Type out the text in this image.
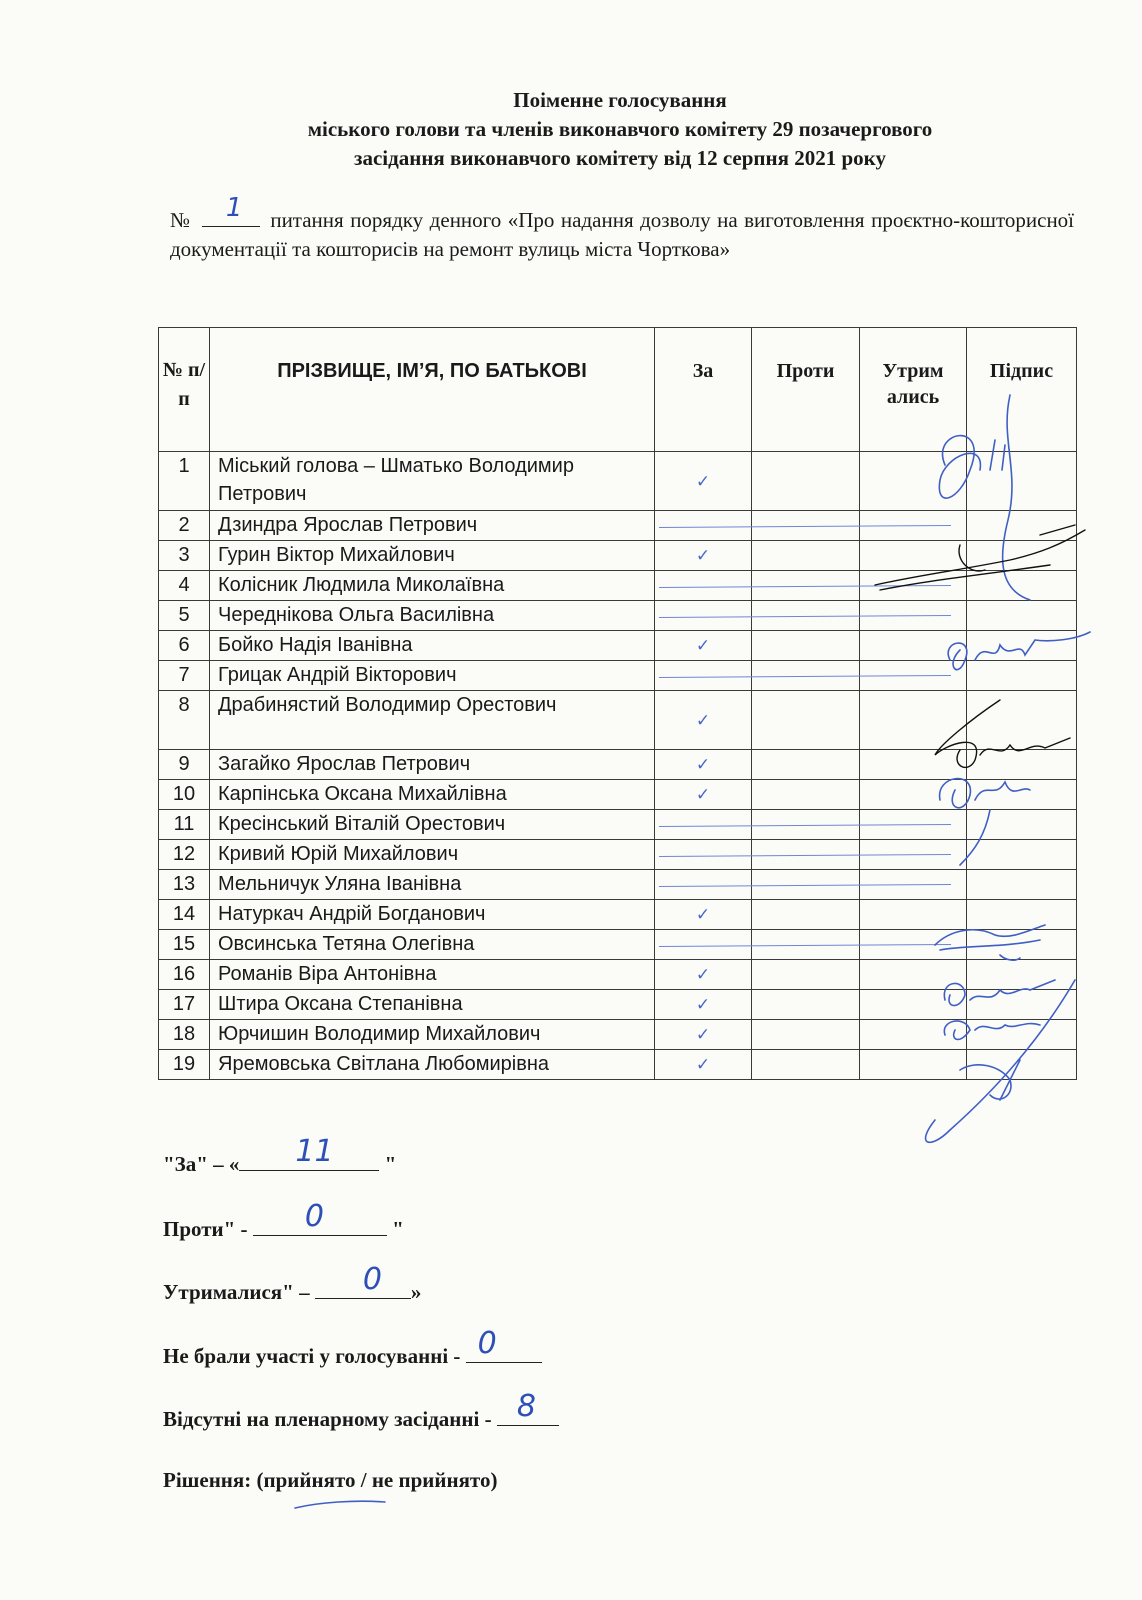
Поіменне голосування
міського голови та членів виконавчого комітету 29 позачергового
засідання виконавчого комітету від 12 серпня 2021 року
№ 1 питання порядку денного «Про надання дозволу на виготовлення проєктно-кошторисної документації та кошторисів на ремонт вулиць міста Чорткова»
№ п/ п	ПРІЗВИЩЕ, ІМ’Я, ПО БАТЬКОВІ	За	Проти	Утрим ались	Підпис
1	Міський голова – Шматько Володимир Петрович	✓			
2	Дзиндра Ярослав Петрович	

3	Гурин Віктор Михайлович	✓			
4	Колісник Людмила Миколаївна	

5	Череднікова Ольга Василівна	

6	Бойко Надія Іванівна	✓			
7	Грицак Андрій Вікторович	

8	Драбинястий Володимир Орестович	✓			
9	Загайко Ярослав Петрович	✓			
10	Карпінська Оксана Михайлівна	✓			
11	Кресінський Віталій Орестович	

12	Кривий Юрій Михайлович	

13	Мельничук Уляна Іванівна	

14	Натуркач Андрій Богданович	✓			
15	Овсинська Тетяна Олегівна	

16	Романів Віра Антонівна	✓			
17	Штира Оксана Степанівна	✓			
18	Юрчишин Володимир Михайлович	✓			
19	Яремовська Світлана Любомирівна	✓			
"За" – « 11 "
Проти" - 0	"
Утрималися" – 0 »
Не брали участі у голосуванні - 0
Відсутні на пленарному засіданні - 8
Рішення: (прийнято / не прийнято)
